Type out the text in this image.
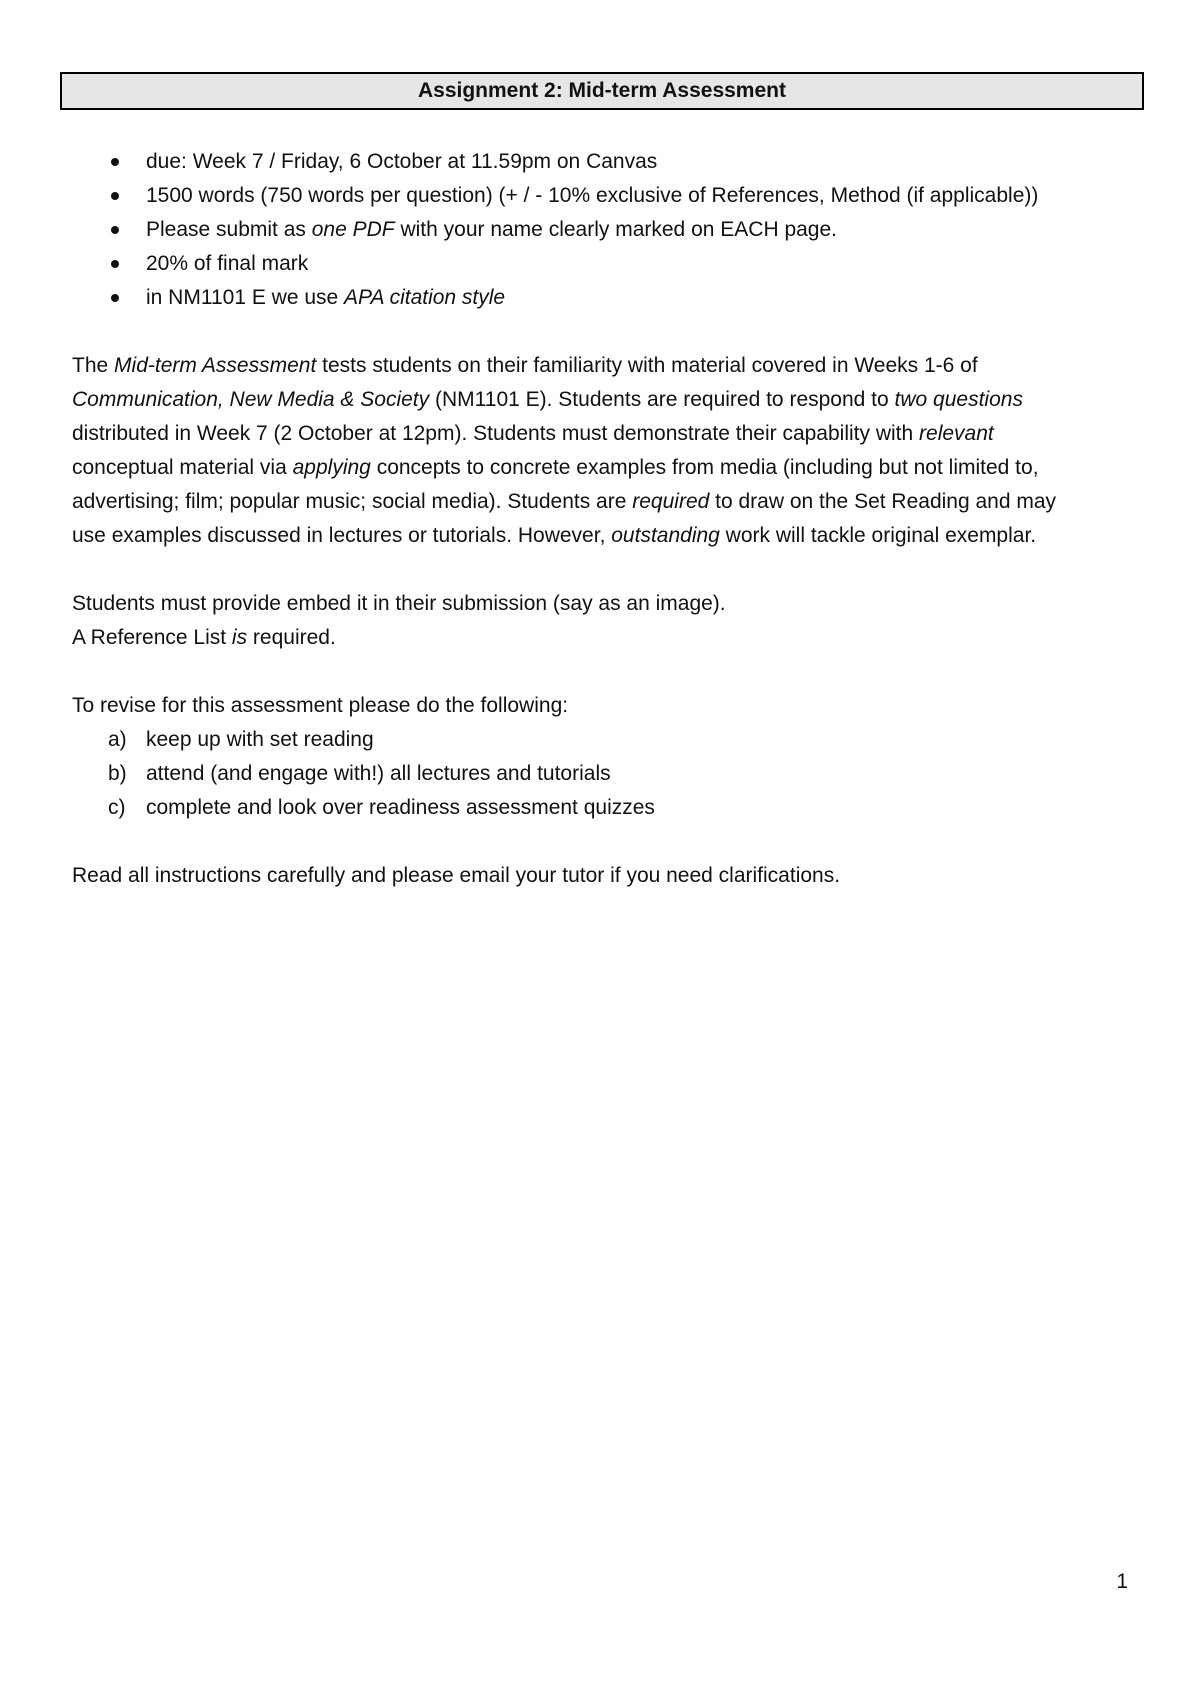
Assignment 2: Mid-term Assessment
due: Week 7 / Friday, 6 October at 11.59pm on Canvas
1500 words (750 words per question) (+ / - 10% exclusive of References, Method (if applicable))
Please submit as one PDF with your name clearly marked on EACH page.
20% of final mark
in NM1101 E we use APA citation style

The Mid-term Assessment tests students on their familiarity with material covered in Weeks 1-6 of

Communication, New Media & Society (NM1101 E). Students are required to respond to two questions

distributed in Week 7 (2 October at 12pm). Students must demonstrate their capability with relevant

conceptual material via applying concepts to concrete examples from media (including but not limited to,

advertising; film; popular music; social media). Students are required to draw on the Set Reading and may

use examples discussed in lectures or tutorials. However, outstanding work will tackle original exemplar.

Students must provide embed it in their submission (say as an image).

A Reference List is required.

To revise for this assessment please do the following:

a) keep up with set reading
b) attend (and engage with!) all lectures and tutorials
c) complete and look over readiness assessment quizzes

Read all instructions carefully and please email your tutor if you need clarifications.

1
